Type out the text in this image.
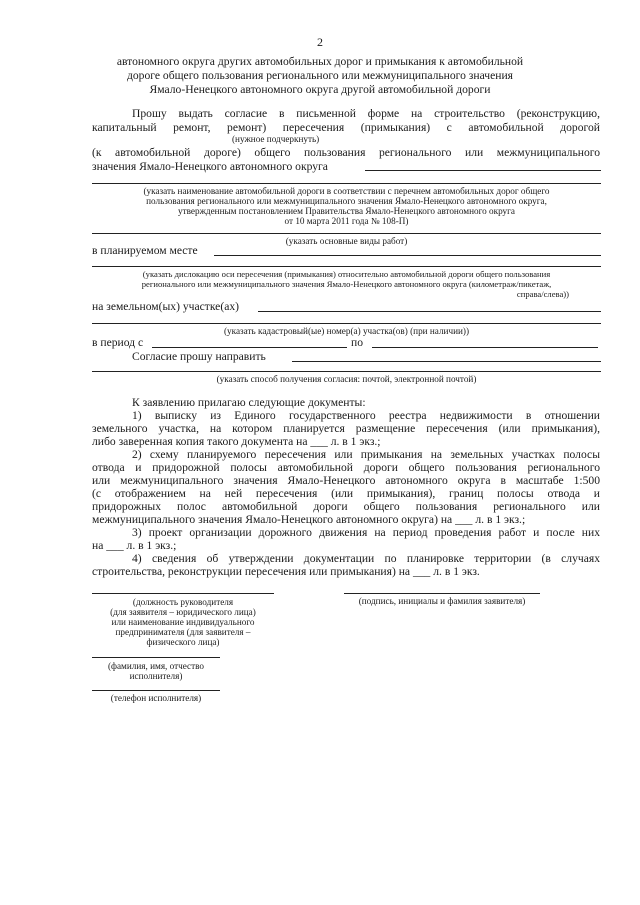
2
автономного округа других автомобильных дорог и примыкания к автомобильной
дороге общего пользования регионального или межмуниципального значения
Ямало-Ненецкого автономного округа другой автомобильной дороги
Прошу выдать согласие в письменной форме на строительство (реконструкцию,
капитальный ремонт, ремонт) пересечения (примыкания) с автомобильной дорогой
(нужное подчеркнуть)
(к автомобильной дороге) общего пользования регионального или межмуниципального
значения Ямало-Ненецкого автономного округа
(указать наименование автомобильной дороги в соответствии с перечнем автомобильных дорог общего
пользования регионального или межмуниципального значения Ямало-Ненецкого автономного округа,
утвержденным постановлением Правительства Ямало-Ненецкого автономного округа
от 10 марта 2011 года № 108-П)
(указать основные виды работ)
в планируемом месте
(указать дислокацию оси пересечения (примыкания) относительно автомобильной дороги общего пользования
регионального или межмуниципального значения Ямало-Ненецкого автономного округа (километраж/пикетаж,
справа/слева))
на земельном(ых) участке(ах)
(указать кадастровый(ые) номер(а) участка(ов) (при наличии))
в период с	по
Согласие прошу направить
(указать способ получения согласия: почтой, электронной почтой)
К заявлению прилагаю следующие документы:
1) выписку из Единого государственного реестра недвижимости в отношении
земельного участка, на котором планируется размещение пересечения (или примыкания),
либо заверенная копия такого документа на ___ л. в 1 экз.;
2) схему планируемого пересечения или примыкания на земельных участках полосы
отвода и придорожной полосы автомобильной дороги общего пользования регионального
или межмуниципального значения Ямало-Ненецкого автономного округа в масштабе 1:500
(с отображением на ней пересечения (или примыкания), границ полосы отвода и
придорожных полос автомобильной дороги общего пользования регионального или
межмуниципального значения Ямало-Ненецкого автономного округа) на ___ л. в 1 экз.;
3) проект организации дорожного движения на период проведения работ и после них
на ___ л. в 1 экз.;
4) сведения об утверждении документации по планировке территории (в случаях
строительства, реконструкции пересечения или примыкания) на ___ л. в 1 экз.
(должность руководителя
(для заявителя – юридического лица)
или наименование индивидуального
предпринимателя (для заявителя –
физического лица)
(подпись, инициалы и фамилия заявителя)
(фамилия, имя, отчество
исполнителя)
(телефон исполнителя)
